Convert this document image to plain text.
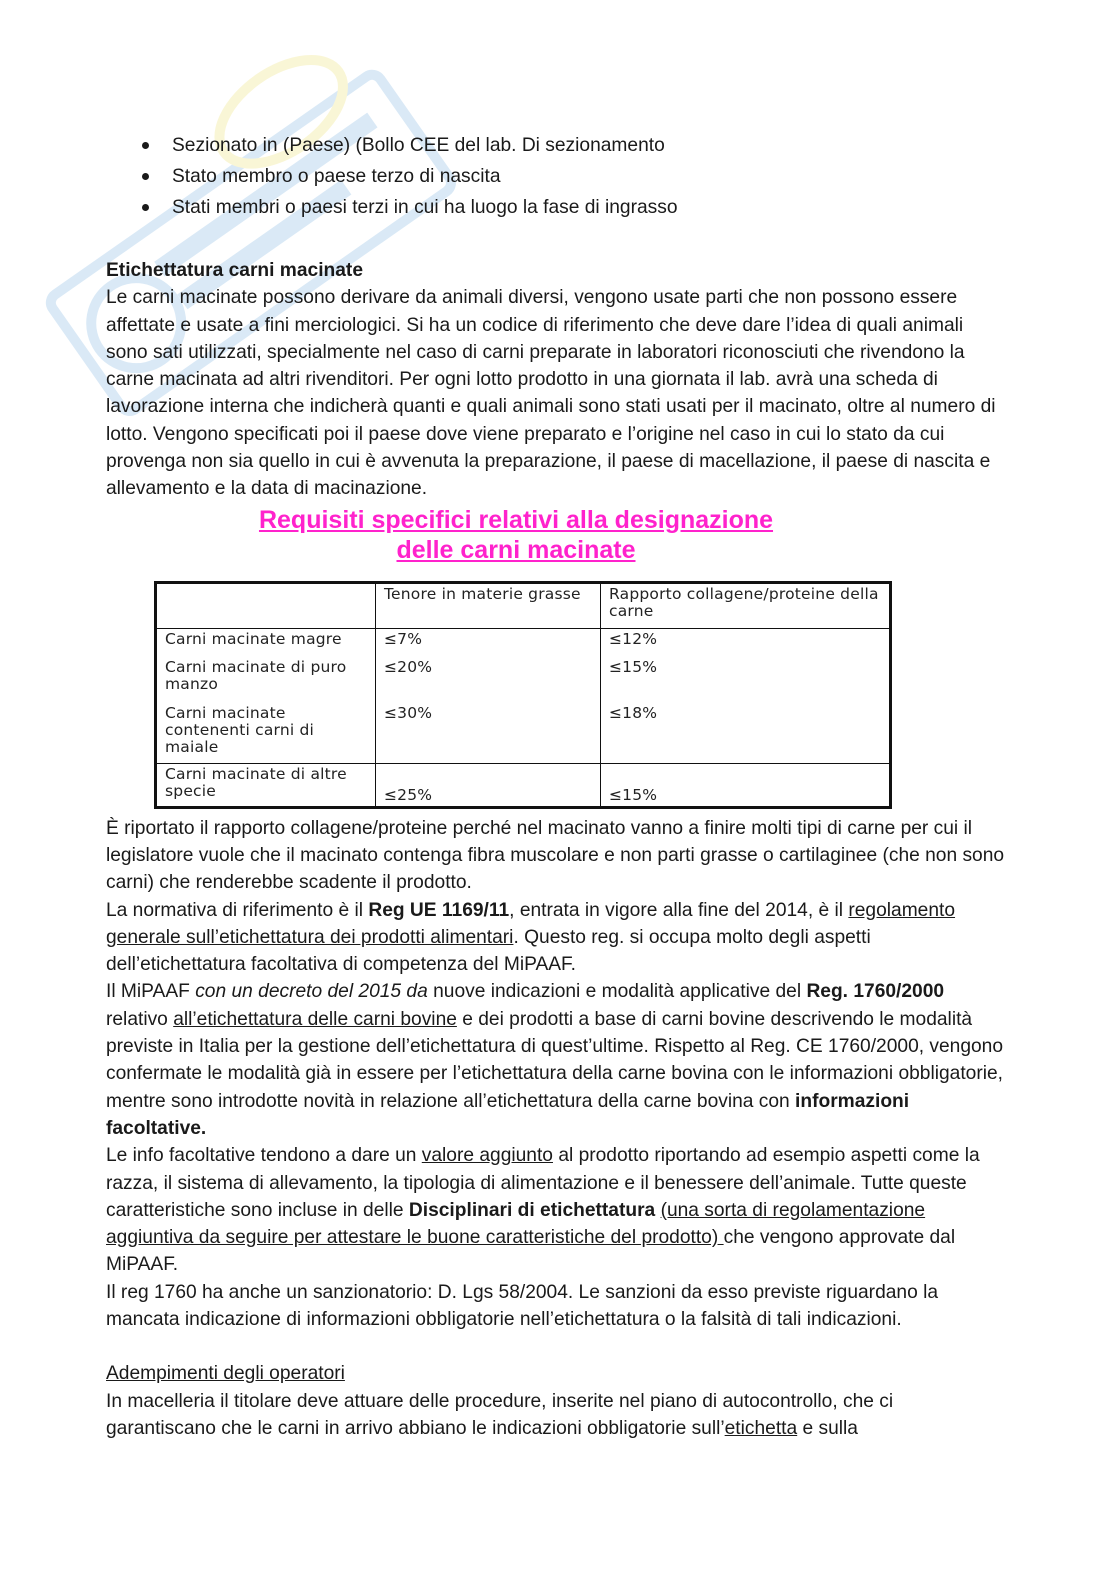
Sezionato in (Paese) (Bollo CEE del lab. Di sezionamento
Stato membro o paese terzo di nascita
Stati membri o paesi terzi in cui ha luogo la fase di ingrasso

Etichettatura carni macinate

Le carni macinate possono derivare da animali diversi, vengono usate parti che non possono essere affettate e usate a fini merciologici. Si ha un codice di riferimento che deve dare l’idea di quali animali sono sati utilizzati, specialmente nel caso di carni preparate in laboratori riconosciuti che rivendono la carne macinata ad altri rivenditori. Per ogni lotto prodotto in una giornata il lab. avrà una scheda di lavorazione interna che indicherà quanti e quali animali sono stati usati per il macinato, oltre al numero di lotto. Vengono specificati poi il paese dove viene preparato e l’origine nel caso in cui lo stato da cui provenga non sia quello in cui è avvenuta la preparazione, il paese di macellazione, il paese di nascita e allevamento e la data di macinazione.

Requisiti specifici relativi alla designazione
delle carni macinate
	Tenore in materie grasse	Rapporto collagene/proteine della carne
Carni macinate magre	≤7%	≤12%
Carni macinate di puro manzo	≤20%	≤15%
Carni macinate contenenti carni di maiale	≤30%	≤18%
Carni macinate di altre specie	≤25%	≤15%

È riportato il rapporto collagene/proteine perché nel macinato vanno a finire molti tipi di carne per cui il legislatore vuole che il macinato contenga fibra muscolare e non parti grasse o cartilaginee (che non sono carni) che renderebbe scadente il prodotto.

La normativa di riferimento è il Reg UE 1169/11, entrata in vigore alla fine del 2014, è il regolamento generale sull’etichettatura dei prodotti alimentari. Questo reg. si occupa molto degli aspetti dell’etichettatura facoltativa di competenza del MiPAAF.

Il MiPAAF con un decreto del 2015 da nuove indicazioni e modalità applicative del Reg. 1760/2000 relativo all’etichettatura delle carni bovine e dei prodotti a base di carni bovine descrivendo le modalità previste in Italia per la gestione dell’etichettatura di quest’ultime. Rispetto al Reg. CE 1760/2000, vengono confermate le modalità già in essere per l’etichettatura della carne bovina con le informazioni obbligatorie, mentre sono introdotte novità in relazione all’etichettatura della carne bovina con informazioni facoltative.

Le info facoltative tendono a dare un valore aggiunto al prodotto riportando ad esempio aspetti come la razza, il sistema di allevamento, la tipologia di alimentazione e il benessere dell’animale. Tutte queste caratteristiche sono incluse in delle Disciplinari di etichettatura (una sorta di regolamentazione aggiuntiva da seguire per attestare le buone caratteristiche del prodotto) che vengono approvate dal MiPAAF.

Il reg 1760 ha anche un sanzionatorio: D. Lgs 58/2004. Le sanzioni da esso previste riguardano la mancata indicazione di informazioni obbligatorie nell’etichettatura o la falsità di tali indicazioni.

Adempimenti degli operatori

In macelleria il titolare deve attuare delle procedure, inserite nel piano di autocontrollo, che ci garantiscano che le carni in arrivo abbiano le indicazioni obbligatorie sull’etichetta e sulla
